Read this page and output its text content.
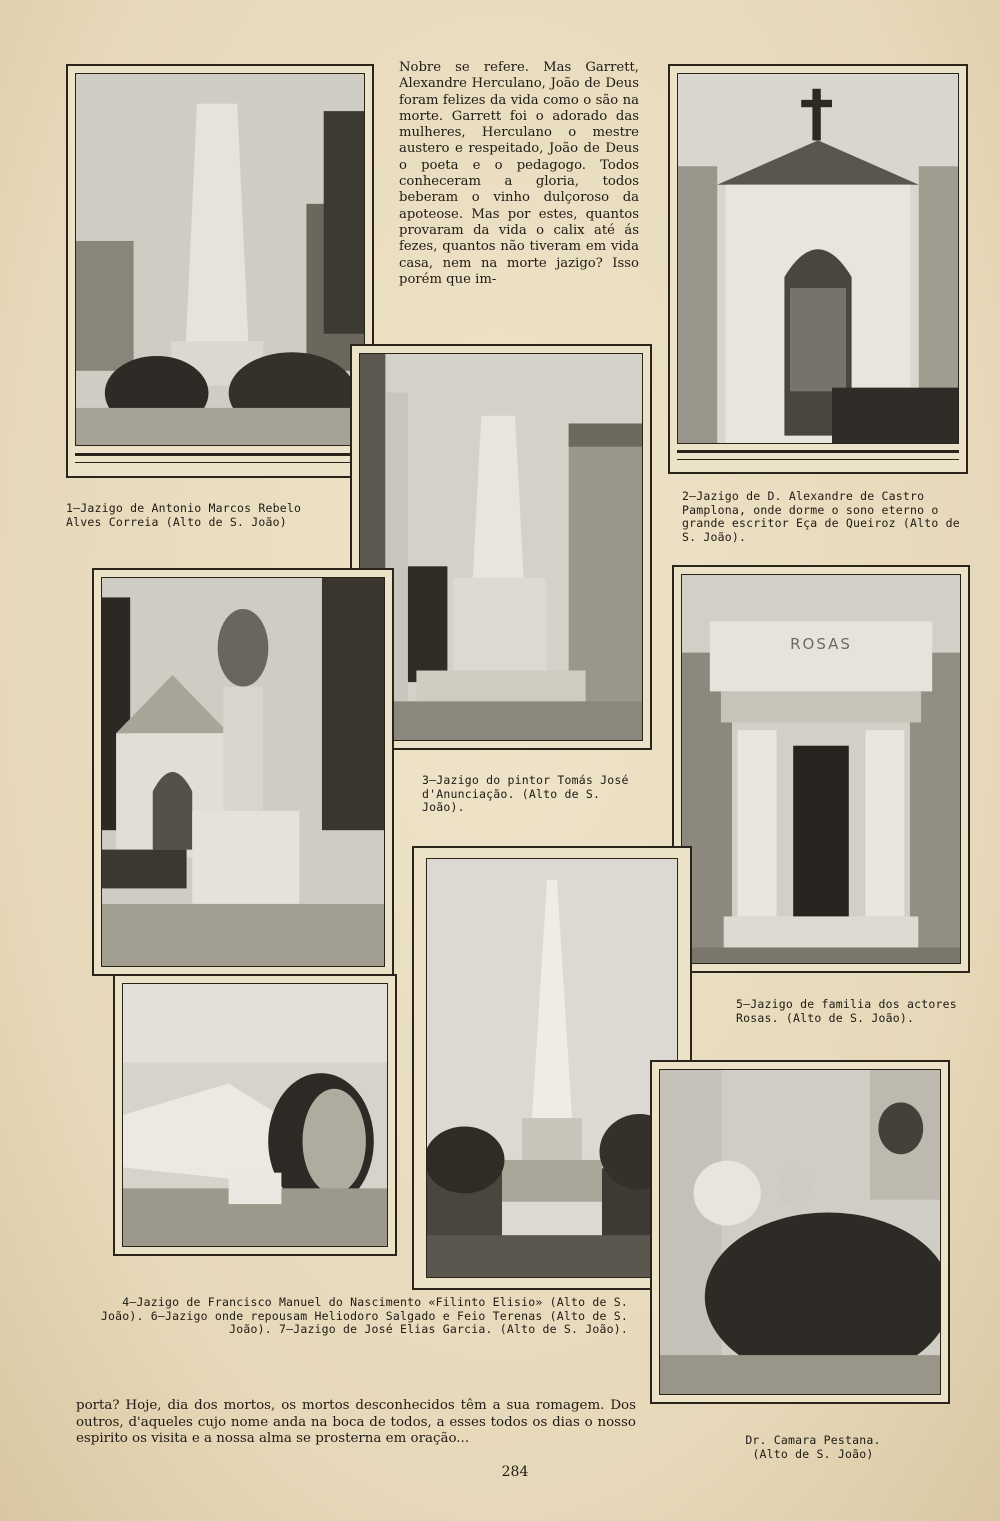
Nobre se refere. Mas Garrett, Alexandre Herculano, João de Deus foram felizes da vida como o são na morte. Garrett foi o adorado das mulheres, Herculano o mestre austero e respeitado, João de Deus o poeta e o pedagogo. Todos conheceram a gloria, todos beberam o vinho dulçoroso da apoteose. Mas por estes, quantos provaram da vida o calix até ás fezes, quantos não tiveram em vida casa, nem na morte jazigo? Isso porém que im-
1—Jazigo de Antonio Marcos Rebelo Alves Correia (Alto de S. João)
2—Jazigo de D. Alexandre de Castro Pamplona, onde dorme o sono eterno o grande escritor Eça de Queiroz (Alto de S. João).
3—Jazigo do pintor Tomás José d'Anunciação. (Alto de S. João).
ROSAS
5—Jazigo de familia dos actores Rosas. (Alto de S. João).
4—Jazigo de Francisco Manuel do Nascimento «Filinto Elisio» (Alto de S. João). 6—Jazigo onde repousam Heliodoro Salgado e Feio Terenas (Alto de S. João). 7—Jazigo de José Elias Garcia. (Alto de S. João).
porta? Hoje, dia dos mortos, os mortos desconhecidos têm a sua romagem. Dos outros, d'aqueles cujo nome anda na boca de todos, a esses todos os dias o nosso espirito os visita e a nossa alma se prosterna em oração...	Dr. Camara Pestana. (Alto de S. João)
284
